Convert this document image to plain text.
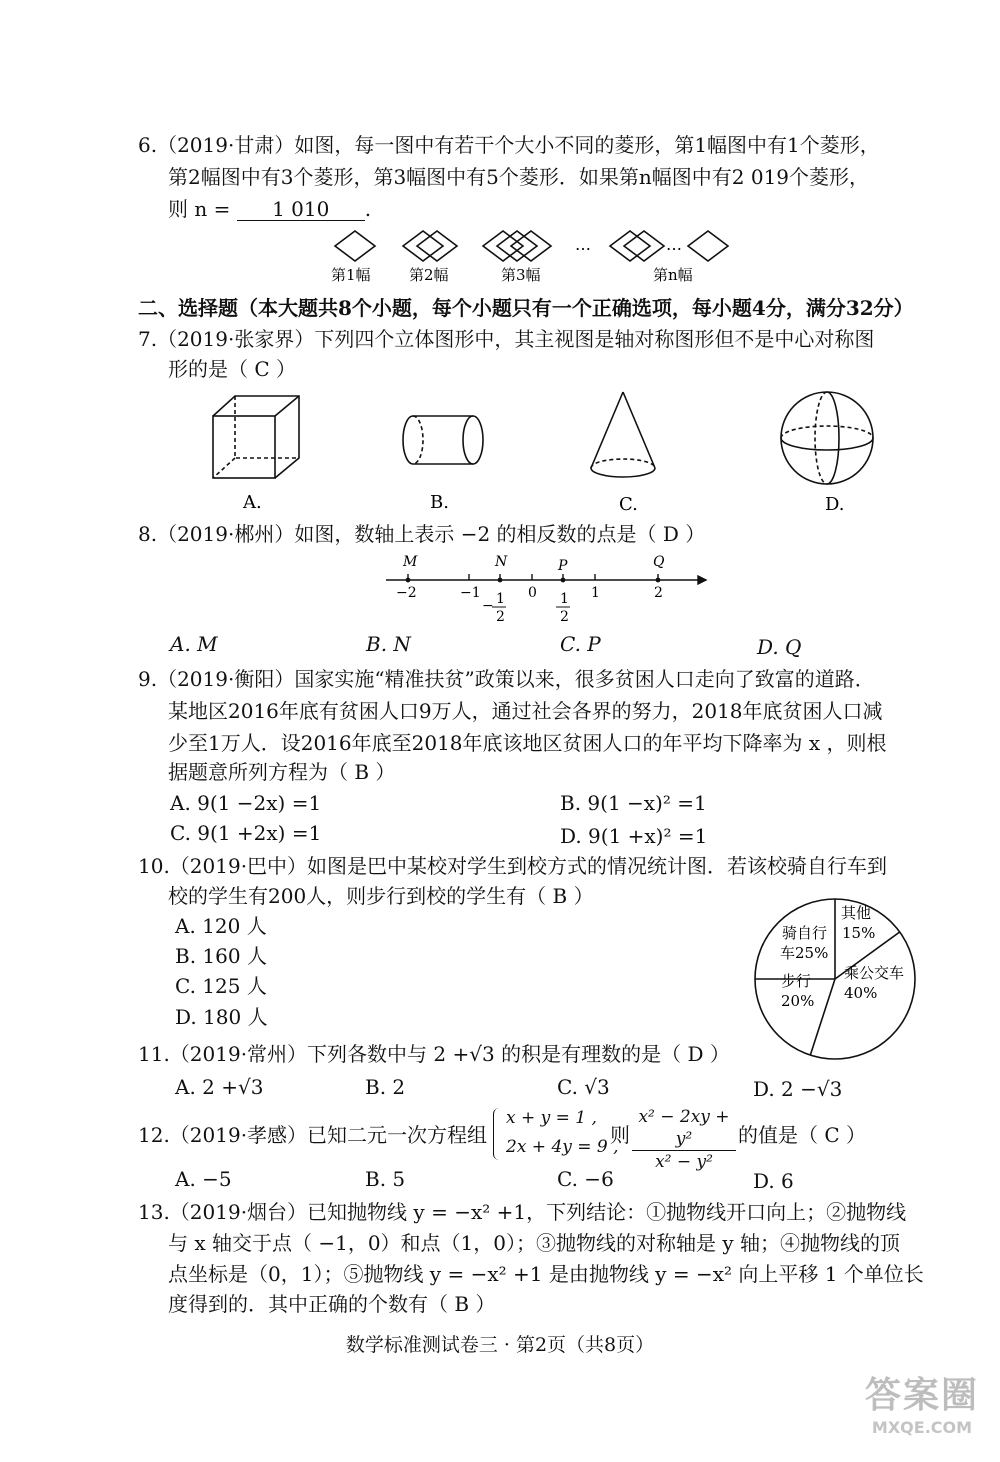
6.（2019·甘肃）如图，每一图中有若干个大小不同的菱形，第1幅图中有1个菱形，
第2幅图中有3个菱形，第3幅图中有5个菱形．如果第n幅图中有2 019个菱形，
则 n = 1 010 .
…	…
第1幅	第2幅	第3幅	第n幅
二、选择题（本大题共8个小题，每个小题只有一个正确选项，每小题4分，满分32分）
7.（2019·张家界）下列四个立体图形中，其主视图是轴对称图形但不是中心对称图
形的是（ C ）
A.	B.	C.	D.
8.（2019·郴州）如图，数轴上表示 −2 的相反数的点是（ D ）
M	N	P	Q
−2	−1	0	1	2
− 1
2
1
2
A. M	B. N	C. P	D. Q
9.（2019·衡阳）国家实施“精准扶贫”政策以来，很多贫困人口走向了致富的道路．
某地区2016年底有贫困人口9万人，通过社会各界的努力，2018年底贫困人口减
少至1万人．设2016年底至2018年底该地区贫困人口的年平均下降率为 x ，则根
据题意所列方程为（ B ）
A. 9(1 −2x) =1	B. 9(1 −x)² =1
C. 9(1 +2x) =1	D. 9(1 +x)² =1
10.（2019·巴中）如图是巴中某校对学生到校方式的情况统计图．若该校骑自行车到
校的学生有200人，则步行到校的学生有（ B ）
A. 120 人
B. 160 人
C. 125 人
D. 180 人
骑自行
车25%
其他
15%
步行
20%
乘公交车
40%
11.（2019·常州）下列各数中与 2 +√3 的积是有理数的是（ D ）
A. 2 +√3	B. 2	C. √3	D. 2 −√3
12.（2019·孝感）已知二元一次方程组
x + y = 1 ,
2x + 4y = 9 ,
则 $\frac{\text{x² − 2xy + y²}}{\text{x² − y²}}$ 的值是（ C ）
A. −5	B. 5	C. −6	D. 6
13.（2019·烟台）已知抛物线 y = −x² +1，下列结论：①抛物线开口向上；②抛物线
与 x 轴交于点（ −1，0）和点（1，0）；③抛物线的对称轴是 y 轴；④抛物线的顶
点坐标是（0，1）；⑤抛物线 y = −x² +1 是由抛物线 y = −x² 向上平移 1 个单位长
度得到的．其中正确的个数有（ B ）
数学标准测试卷三 · 第2页（共8页）
答案圈
MXQE.COM
